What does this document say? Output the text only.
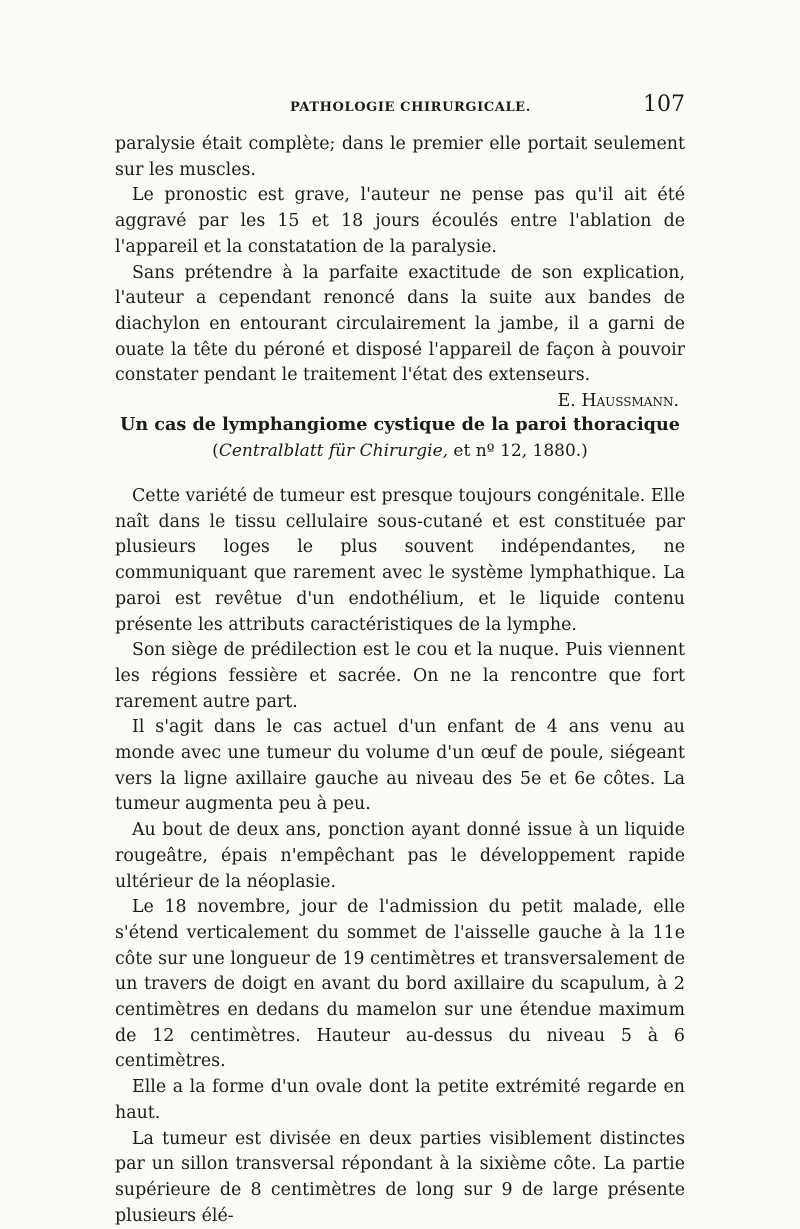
PATHOLOGIE CHIRURGICALE.	107

paralysie était complète; dans le premier elle portait seulement sur les muscles.

Le pronostic est grave, l'auteur ne pense pas qu'il ait été aggravé par les 15 et 18 jours écoulés entre l'ablation de l'appareil et la constatation de la paralysie.

Sans prétendre à la parfaite exactitude de son explication, l'auteur a cependant renoncé dans la suite aux bandes de diachylon en entourant circulairement la jambe, il a garni de ouate la tête du péroné et disposé l'appareil de façon à pouvoir constater pendant le traitement l'état des extenseurs.
E. Haussmann.

Un cas de lymphangiome cystique de la paroi thoracique
(Centralblatt für Chirurgie, et nº 12, 1880.)

Cette variété de tumeur est presque toujours congénitale. Elle naît dans le tissu cellulaire sous-cutané et est constituée par plusieurs loges le plus souvent indépendantes, ne communiquant que rarement avec le système lymphathique. La paroi est revêtue d'un endothélium, et le liquide contenu présente les attributs caractéristiques de la lymphe.

Son siège de prédilection est le cou et la nuque. Puis viennent les régions fessière et sacrée. On ne la rencontre que fort rarement autre part.

Il s'agit dans le cas actuel d'un enfant de 4 ans venu au monde avec une tumeur du volume d'un œuf de poule, siégeant vers la ligne axillaire gauche au niveau des 5e et 6e côtes. La tumeur augmenta peu à peu.

Au bout de deux ans, ponction ayant donné issue à un liquide rougeâtre, épais n'empêchant pas le développement rapide ultérieur de la néoplasie.

Le 18 novembre, jour de l'admission du petit malade, elle s'étend verticalement du sommet de l'aisselle gauche à la 11e côte sur une longueur de 19 centimètres et transversalement de un travers de doigt en avant du bord axillaire du scapulum, à 2 centimètres en dedans du mamelon sur une étendue maximum de 12 centimètres. Hauteur au-dessus du niveau 5 à 6 centimètres.

Elle a la forme d'un ovale dont la petite extrémité regarde en haut.

La tumeur est divisée en deux parties visiblement distinctes par un sillon transversal répondant à la sixième côte. La partie supérieure de 8 centimètres de long sur 9 de large présente plusieurs élé-
